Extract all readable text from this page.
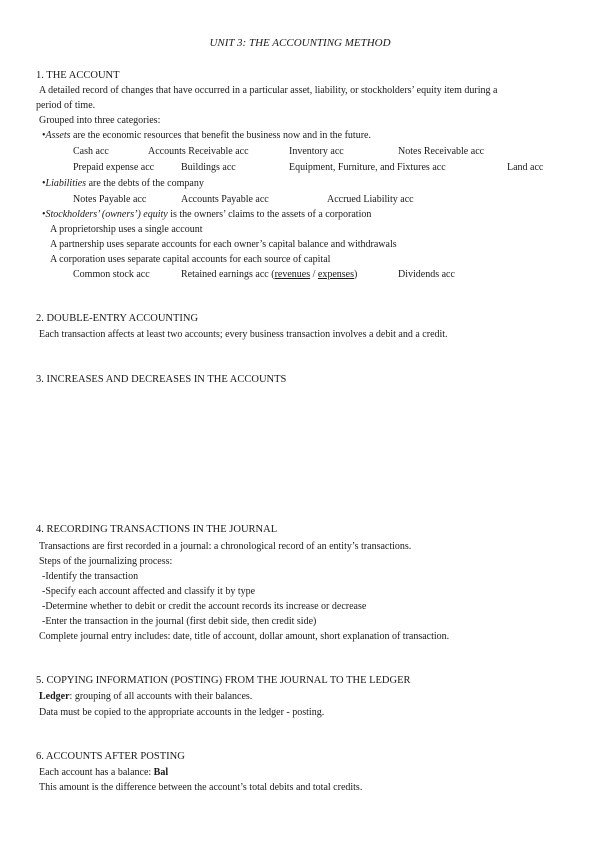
UNIT 3: THE ACCOUNTING METHOD
1. THE ACCOUNT
A detailed record of changes that have occurred in a particular asset, liability, or stockholders’ equity item during a
period of time.
Grouped into three categories:
•Assets are the economic resources that benefit the business now and in the future.
Cash acc	Accounts Receivable acc	Inventory acc	Notes Receivable acc
Prepaid expense acc	Buildings acc	Equipment, Furniture, and Fixtures acc	Land acc
•Liabilities are the debts of the company
Notes Payable acc	Accounts Payable acc	Accrued Liability acc
•Stockholders’ (owners’) equity is the owners’ claims to the assets of a corporation
A proprietorship uses a single account
A partnership uses separate accounts for each owner’s capital balance and withdrawals
A corporation uses separate capital accounts for each source of capital
Common stock acc	Retained earnings acc (revenues / expenses)	Dividends acc
2. DOUBLE-ENTRY ACCOUNTING
Each transaction affects at least two accounts; every business transaction involves a debit and a credit.
3. INCREASES AND DECREASES IN THE ACCOUNTS
4. RECORDING TRANSACTIONS IN THE JOURNAL
Transactions are first recorded in a journal: a chronological record of an entity’s transactions.
Steps of the journalizing process:
-Identify the transaction
-Specify each account affected and classify it by type
-Determine whether to debit or credit the account records its increase or decrease
-Enter the transaction in the journal (first debit side, then credit side)
Complete journal entry includes: date, title of account, dollar amount, short explanation of transaction.
5. COPYING INFORMATION (POSTING) FROM THE JOURNAL TO THE LEDGER
Ledger: grouping of all accounts with their balances.
Data must be copied to the appropriate accounts in the ledger - posting.
6. ACCOUNTS AFTER POSTING
Each account has a balance: Bal
This amount is the difference between the account’s total debits and total credits.
